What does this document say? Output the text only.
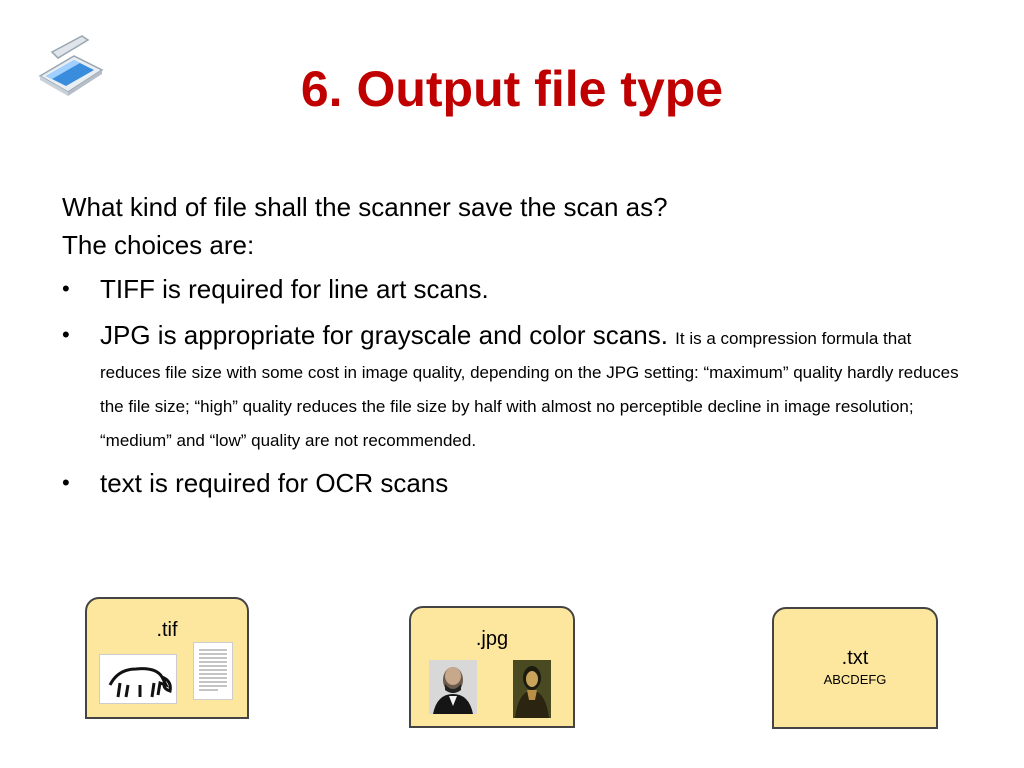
6. Output file type
What kind of file shall the scanner save the scan as?
The choices are:
• TIFF is required for line art scans.
• JPG is appropriate for grayscale and color scans. It is a compression formula that reduces file size with some cost in image quality, depending on the JPG setting: “maximum” quality hardly reduces the file size; “high” quality reduces the file size by half with almost no perceptible decline in image resolution; “medium” and “low” quality are not recommended.
• text is required for OCR scans
.tif	.jpg
.txt
ABCDEFG
